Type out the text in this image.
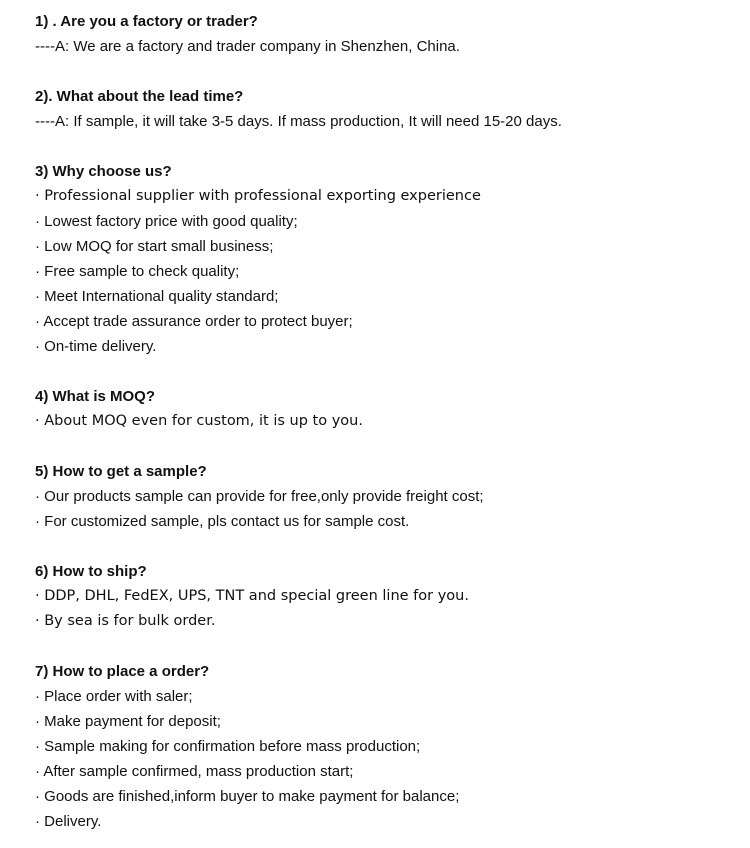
1) . Are you a factory or trader?
----A: We are a factory and trader company in Shenzhen, China.
2). What about the lead time?
----A: If sample, it will take 3-5 days. If mass production, It will need 15-20 days.
3) Why choose us?
· Professional supplier with professional exporting experience
· Lowest factory price with good quality;
· Low MOQ for start small business;
· Free sample to check quality;
· Meet International quality standard;
· Accept trade assurance order to protect buyer;
· On-time delivery.
4) What is MOQ?
· About MOQ even for custom, it is up to you.
5) How to get a sample?
· Our products sample can provide for free,only provide freight cost;
· For customized sample, pls contact us for sample cost.
6) How to ship?
· DDP, DHL, FedEX, UPS, TNT and special green line for you.
· By sea is for bulk order.
7) How to place a order?
· Place order with saler;
· Make payment for deposit;
· Sample making for confirmation before mass production;
· After sample confirmed, mass production start;
· Goods are finished,inform buyer to make payment for balance;
· Delivery.
